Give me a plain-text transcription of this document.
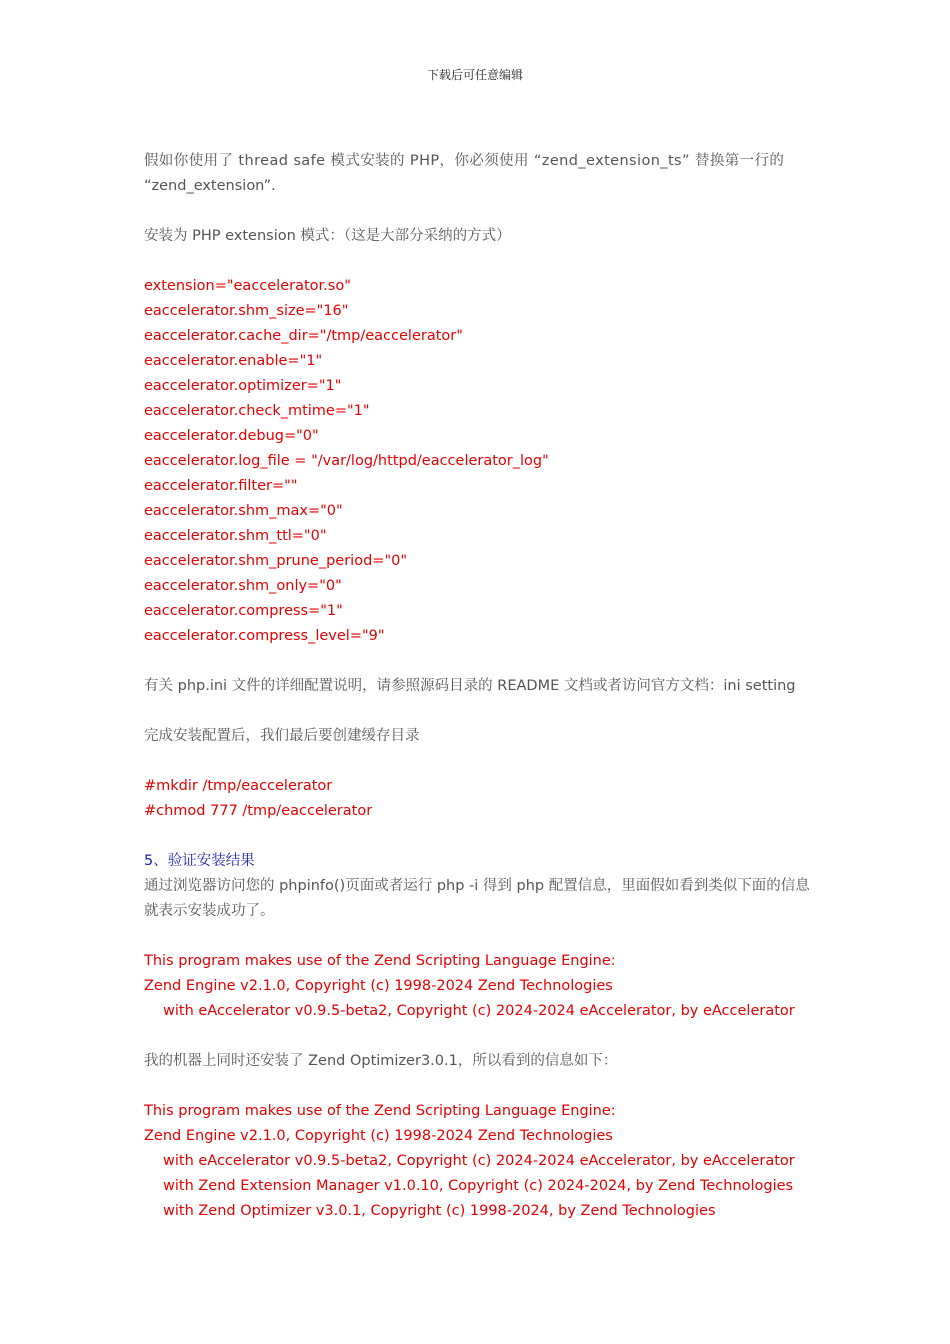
下载后可任意编辑
假如你使用了 thread safe 模式安装的 PHP，你必须使用 “zend_extension_ts” 替换第一行的
“zend_extension”.
安装为 PHP extension 模式：（这是大部分采纳的方式）
extension="eaccelerator.so"
eaccelerator.shm_size="16"
eaccelerator.cache_dir="/tmp/eaccelerator"
eaccelerator.enable="1"
eaccelerator.optimizer="1"
eaccelerator.check_mtime="1"
eaccelerator.debug="0"
eaccelerator.log_file = "/var/log/httpd/eaccelerator_log"
eaccelerator.filter=""
eaccelerator.shm_max="0"
eaccelerator.shm_ttl="0"
eaccelerator.shm_prune_period="0"
eaccelerator.shm_only="0"
eaccelerator.compress="1"
eaccelerator.compress_level="9"
有关 php.ini 文件的详细配置说明，请参照源码目录的 README 文档或者访问官方文档：ini setting
完成安装配置后，我们最后要创建缓存目录
#mkdir /tmp/eaccelerator
#chmod 777 /tmp/eaccelerator
5、验证安装结果
通过浏览器访问您的 phpinfo()页面或者运行 php -i 得到 php 配置信息，里面假如看到类似下面的信息
就表示安装成功了。
This program makes use of the Zend Scripting Language Engine:
Zend Engine v2.1.0, Copyright (c) 1998-2024 Zend Technologies
with eAccelerator v0.9.5-beta2, Copyright (c) 2024-2024 eAccelerator, by eAccelerator
我的机器上同时还安装了 Zend Optimizer3.0.1，所以看到的信息如下：
This program makes use of the Zend Scripting Language Engine:
Zend Engine v2.1.0, Copyright (c) 1998-2024 Zend Technologies
with eAccelerator v0.9.5-beta2, Copyright (c) 2024-2024 eAccelerator, by eAccelerator
with Zend Extension Manager v1.0.10, Copyright (c) 2024-2024, by Zend Technologies
with Zend Optimizer v3.0.1, Copyright (c) 1998-2024, by Zend Technologies
